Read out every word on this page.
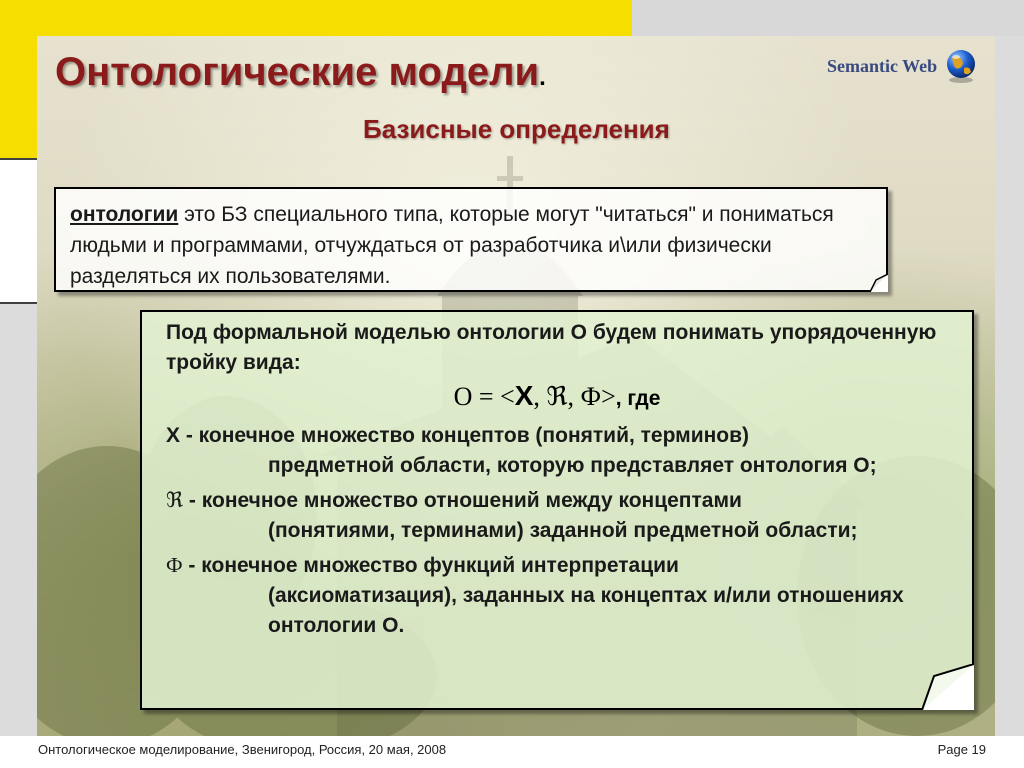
Онтологические модели.
Базисные определения
Semantic Web
онтологии это БЗ специального типа, которые могут "читаться" и пониматься людьми и программами, отчуждаться от разработчика и\или физически разделяться их пользователями.
Под формальной моделью онтологии O будем понимать упорядоченную тройку вида:

O = <X, ℜ, Ф>, где

X - конечное множество концептов (понятий, терминов)
предметной области, которую представляет онтология O;
ℜ - конечное множество отношений между концептами
(понятиями, терминами) заданной предметной области;
Ф - конечное множество функций интерпретации
(аксиоматизация), заданных на концептах и/или отношениях онтологии O.
Онтологическое моделирование, Звенигород, Россия, 20 мая, 2008	Page 19
